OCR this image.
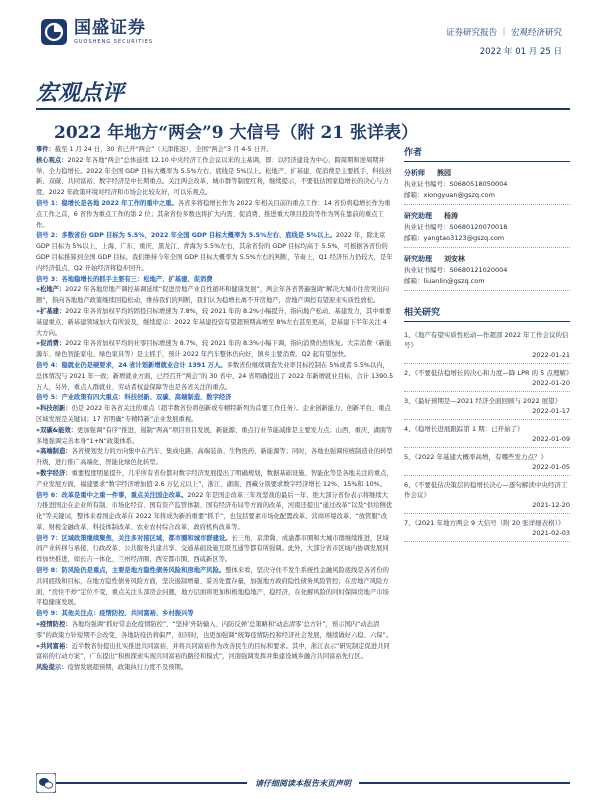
国盛证券
GUOSHENG SECURITIES
证券研究报告 ｜ 宏观经济研究
2022 年 01 月 25 日
宏观点评
2022 年地方“两会”9 大信号（附 21 张详表）

事件：截至 1 月 24 日，30 省已开“两会”（天津推迟），全国“两会”3 月 4-5 日开。

核心观点：2022 年各地“两会”总体延续 12.10 中央经济工作会议以来的主基调，即：以经济建设为中心，跨周期和逆周期并举、全力稳增长。2022 年全国 GDP 目标大概率为 5.5%左右、底线是 5%以上。松地产、扩基建、促消费是主要抓手，科技创新、双碳、共同富裕、数字经济是中长期重点。关注两会改革、城市群等制度红利，继续提示，不要低估国家稳增长的决心与力度。2022 年政策环境对经济和市场会比较友好，可以乐观点。

信号 1：稳增长是各地 2022 年工作的重中之重。各省多将稳增长作为 2022 年相关目前的重点工作：14 省份将稳增长作为重点工作之首，6 省作为重点工作的第 2 位；其余省份多数也将扩大内需、促消费、推进重大项目投资等作为列在靠前的重点工作。

信号 2：多数省份 GDP 目标为 5.5%，2022 年全国 GDP 目标大概率为 5.5%左右、底线是 5%以上。2022 年，除北京 GDP 目标为 5%以上，上海、广东、重庆、黑龙江、青海为 5.5%左右，其余省份的 GDP 目标均高于 5.5%，可根据各省份的 GDP 目标推算到全国 GDP 目标，我们维持今年全国 GDP 目标大概率为 5.5%左右的判断，节奏上，Q1 经济压力仍较大，是年内经济低点、Q2 开始经济将稳步回升。

信号 3：各地稳增长的抓手主要有三：松地产、扩基建、促消费

»松地产：2022 年各地房地产调控基调延续“促进房地产业良性循环和健康发展”，两会年各省普遍强调“解决大城市住房突出问题”，指向各地地产政策继续回稳松动，维持我们的判断，我们认为稳增长离不开房地产，房地产调控有望迎来实质性放松。

»扩基建：2022 年各省加权平均的固投目标增速为 7.8%，较 2021 年的 8.2%小幅提升，指向地产松动、基建发力，其中重要基建重点、新基建领域加大有所波及，继续提示：2022 年基建投资有望超预期高增至 8%左右甚至更高，是基建下半年关注 4 大方向。

»促消费：2022 年各省加权平均的社零目标增速为 8.7%，较 2021 年的 8.3%小幅下调，指向消费仍然恢复。大宗消费（新能源车、绿色智能家电、绿色家具等）是主抓手，预计 2022 年汽车整体仍向好，镇乡主要消费。Q2 起有望加快。

信号 4：稳就业仍是硬要求，24 省计划新增就业合计 1391 万人。多数省份继续调查失业率目标控制在 5%或者 5.5%以内，总体情况与 2021 年一致；新增就业方面，已经召开“两会”的 30 省中，24 省明确提出了 2022 年新增就业目标，合计 1390.5 万人，另外，重点人群就业、劳动者权益保障等也是各省关注的重点。

信号 5：产业政策有四大重点：科技创新、双碳、高端制造、数字经济

»科技创新：仍是 2022 年各省关注的重点（超半数省份将创新或专精特新列为首要工作任务）。企业创新能力、创新平台、重点区域发展是关键词；17 省明确“专精特新”企业发展重视。

»双碳&能效：更加强调“有序”推进，遏制“两高”项目盲目发展，新能源、重点行业节能减排是主要发力点；山西、重庆、湖南等多地强调完善本身“1+N”政策体系。

»高端制造：各省规划发力的方向集中在汽车、集成电路、高端装备、生物医药、新能源等；同时，各地也强调传统制造业的转型升级，进行推广高端化、智能化绿色化转型。

»数字经济：重要程度明显提升，几乎所有省份都对数字经济发展提出了明确规划，数据基础设施、智能化等是各地关注的重点，产业发展方面，福建要求“数字经济增加值 2.6 万亿元以上”，浙江、湖南、西藏分别要求数字经济增长 12%、15%和 10%。

信号 6：改革是重中之重一件事，重点关注国企改革。2022 年是国企改革三年攻坚战的最后一年，绝大部分省份表示将继续大力推进国企在企业所有制、市场化经营、国有资产监管体制、国有经济布局等方面的改革，河南还提出“通过改革”以及“供给侧优化”等关键词，整体来看国企改革在 2022 年将成为新的重要“抓手”，也包括要素市场化配置改革、营商环境改革、“放管服”改革、财税金融改革、科技体制改革、农业农村综合改革、政府机构改革等。

信号 7：区域政策继续聚焦，关注多对接区域、都市圈和城市群建设。长三角、京津冀、成渝都市圈和大城市群继续推进，区域间产业转移与承接、行政改革、公共服务共建共享、交通基础设施互联互通等都有所强调。此外，大部分省市区域内协调发展同样加快推进，如长吉一体化、兰州经济圈、西安都市圈、西咸新区等。

信号 8：防风险仍是重点，主要是地方隐性债务风险和房地产风险。整体来看，坚决守住不发生系统性金融风险底线是各省份的共同底线和目标，在地方隐性债务风险方面，坚决遏制增量、妥善处置存量，加强地方政府隐性债务风险管控；在房地产风险方面，“房住不炒”定位不变，重点关注头部房企问题，地方层面将更加积极地稳地产、稳经济，在化解风险的同时保障房地产市场平稳健康发展。

信号 9：其他关注点：疫情防控、共同富裕、乡村振兴等

»疫情防控：各地均强调“抓好常态化疫情防控”、“坚持‘外防输入、内防反弹’总策略和‘动态清零’总方针”，预示国内“动态清零”的政策方针短期不会改变，各地防疫仍将偏严，但同时，也更加强调“统筹疫情防控和经济社会发展，继续做好六稳、六保”。

»共同富裕：近半数省份提出扎实推进共同富裕，并将共同富裕作为改善民生的目标和要求。其中，浙江表示“研究制定促进共同富裕的行动方案”，广东提出“积极探索实现共同富裕的路径和模式”，河南强调发挥并集建设城乡融合共同富裕先行区。

风险提示：疫情发展超预期，政策执行力度不及预期。

作者
分析师 熊园
执业证书编号：S0680518050004
邮箱：xiongyuan@gszq.com
研究助理 杨涛
执业证书编号：S0680120070018
邮箱：yangtao3123@gszq.com
研究助理 刘安林
执业证书编号：S0680121020004
邮箱：liuanlin@gszq.com
相关研究
1、《地产有望实质性松动—作超部 2022 年工作会议的信号》
2022-01-21
2、《不要低估稳增长的决心和力度—降 LPR 的 5 点理解》
2022-01-20
3、《最好预期是—2021 经济全面回顾与 2022 展望》
2022-01-17
4、《稳增长进展跟踪第 1 期：已开始了》
2022-01-09
5、《2022 年基建大概率高增，有哪些发力点？》
2022-01-05
6、《不要低估决策层的稳增长决心—逐句解读中央经济工作会议》
2021-12-20
7、《2021 年地方两会 9 大信号（附 20 张详细表格）》
2021-02-03
请仔细阅读本报告末页声明
